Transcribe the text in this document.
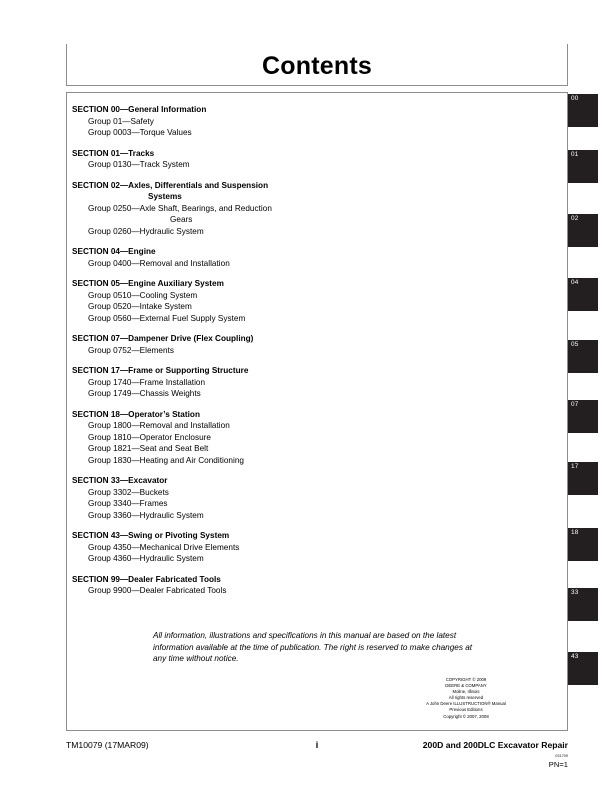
Contents
SECTION 00—General Information
Group 01—Safety
Group 0003—Torque Values
SECTION 01—Tracks
Group 0130—Track System
SECTION 02—Axles, Differentials and Suspension
Systems
Group 0250—Axle Shaft, Bearings, and Reduction
Gears
Group 0260—Hydraulic System
SECTION 04—Engine
Group 0400—Removal and Installation
SECTION 05—Engine Auxiliary System
Group 0510—Cooling System
Group 0520—Intake System
Group 0560—External Fuel Supply System
SECTION 07—Dampener Drive (Flex Coupling)
Group 0752—Elements
SECTION 17—Frame or Supporting Structure
Group 1740—Frame Installation
Group 1749—Chassis Weights
SECTION 18—Operator’s Station
Group 1800—Removal and Installation
Group 1810—Operator Enclosure
Group 1821—Seat and Seat Belt
Group 1830—Heating and Air Conditioning
SECTION 33—Excavator
Group 3302—Buckets
Group 3340—Frames
Group 3360—Hydraulic System
SECTION 43—Swing or Pivoting System
Group 4350—Mechanical Drive Elements
Group 4360—Hydraulic System
SECTION 99—Dealer Fabricated Tools
Group 9900—Dealer Fabricated Tools
All information, illustrations and specifications in this manual are based on the latest information available at the time of publication. The right is reserved to make changes at any time without notice.
COPYRIGHT © 2009
DEERE & COMPANY
Moline, Illinois
All rights reserved
A John Deere ILLUSTRUCTION® Manual
Previous Editions
Copyright © 2007, 2008
TM10079 (17MAR09)	i	200D and 200DLC Excavator Repair
031709
PN=1
00
01
02
04
05
07
17
18
33
43
